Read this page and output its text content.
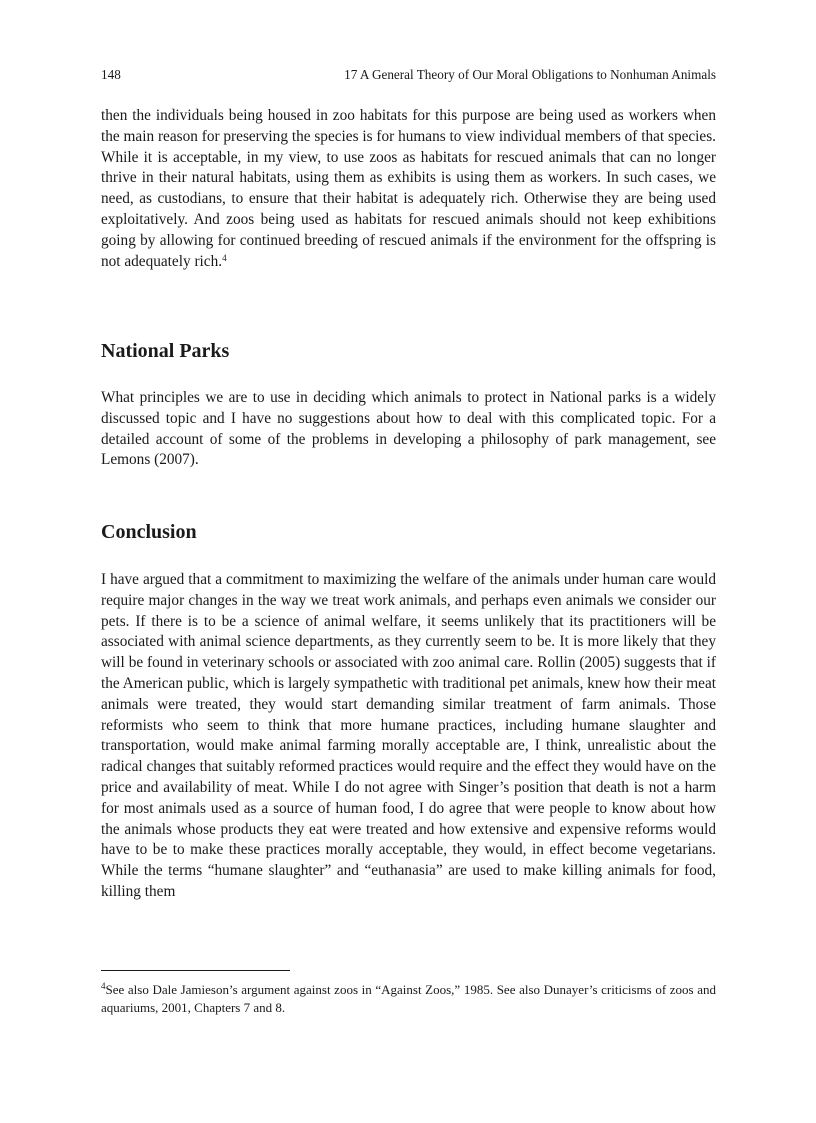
148	17 A General Theory of Our Moral Obligations to Nonhuman Animals

then the individuals being housed in zoo habitats for this purpose are being used as workers when the main reason for preserving the species is for humans to view individual members of that species. While it is acceptable, in my view, to use zoos as habitats for rescued animals that can no longer thrive in their natural habitats, using them as exhibits is using them as workers. In such cases, we need, as custodians, to ensure that their habitat is adequately rich. Otherwise they are being used exploitatively. And zoos being used as habitats for rescued animals should not keep exhibitions going by allowing for continued breeding of rescued animals if the environment for the offspring is not adequately rich.$^4$

National Parks

What principles we are to use in deciding which animals to protect in National parks is a widely discussed topic and I have no suggestions about how to deal with this complicated topic. For a detailed account of some of the problems in developing a philosophy of park management, see Lemons (2007).

Conclusion

I have argued that a commitment to maximizing the welfare of the animals under human care would require major changes in the way we treat work animals, and perhaps even animals we consider our pets. If there is to be a science of animal welfare, it seems unlikely that its practitioners will be associated with animal science departments, as they currently seem to be. It is more likely that they will be found in veterinary schools or associated with zoo animal care. Rollin (2005) suggests that if the American public, which is largely sympathetic with traditional pet animals, knew how their meat animals were treated, they would start demanding similar treatment of farm animals. Those reformists who seem to think that more humane practices, including humane slaughter and transportation, would make animal farming morally acceptable are, I think, unrealistic about the radical changes that suitably reformed practices would require and the effect they would have on the price and availability of meat. While I do not agree with Singer’s position that death is not a harm for most animals used as a source of human food, I do agree that were people to know about how the animals whose products they eat were treated and how extensive and expensive reforms would have to be to make these practices morally acceptable, they would, in effect become vegetarians. While the terms “humane slaughter” and “euthanasia” are used to make killing animals for food, killing them

$^4$See also Dale Jamieson’s argument against zoos in “Against Zoos,” 1985. See also Dunayer’s criticisms of zoos and aquariums, 2001, Chapters 7 and 8.
